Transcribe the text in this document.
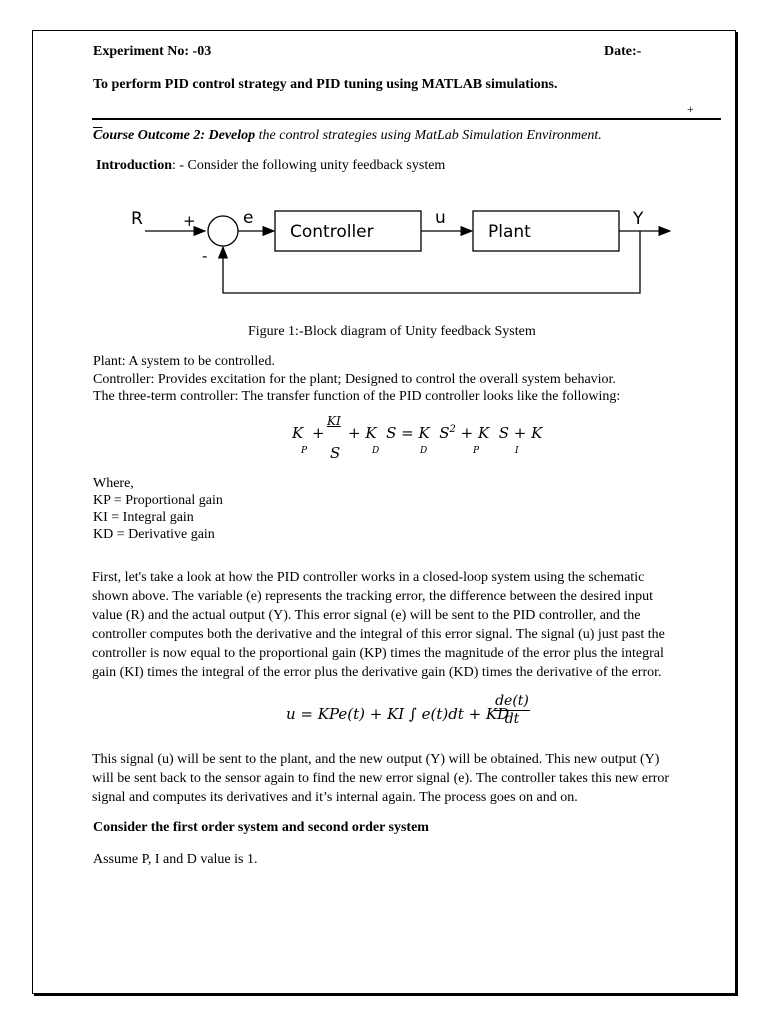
Experiment No: -03	Date:-
To perform PID control strategy and PID tuning using MATLAB simulations.
+
$\overline{C}ourse$ Outcome 2: Develop the control strategies using MatLab Simulation Environment.
Introduction: - Consider the following unity feedback system
R	+
-
e
Controller
u
Plant
Y
Figure 1:-Block diagram of Unity feedback System
Plant: A system to be controlled.
Controller: Provides excitation for the plant; Designed to control the overall system behavior.
The three-term controller: The transfer function of the PID controller looks like the following:
K +
KI
S
+ K  S = K  $S^2 + K$  S + K
P	D	D	P	I
Where,
KP = Proportional gain
KI = Integral gain
KD = Derivative gain
First, let's take a look at how the PID controller works in a closed-loop system using the schematic
shown above. The variable (e) represents the tracking error, the difference between the desired input
value (R) and the actual output (Y). This error signal (e) will be sent to the PID controller, and the
controller computes both the derivative and the integral of this error signal. The signal (u) just past the
controller is now equal to the proportional gain (KP) times the magnitude of the error plus the integral
gain (KI) times the integral of the error plus the derivative gain (KD) times the derivative of the error.
u = KPe(t) + KI ∫ e(t)dt + KD
$\frac{de(t)}{dt}$
This signal (u) will be sent to the plant, and the new output (Y) will be obtained. This new output (Y)
will be sent back to the sensor again to find the new error signal (e). The controller takes this new error
signal and computes its derivatives and it’s internal again. The process goes on and on.
Consider the first order system and second order system
Assume P, I and D value is 1.
